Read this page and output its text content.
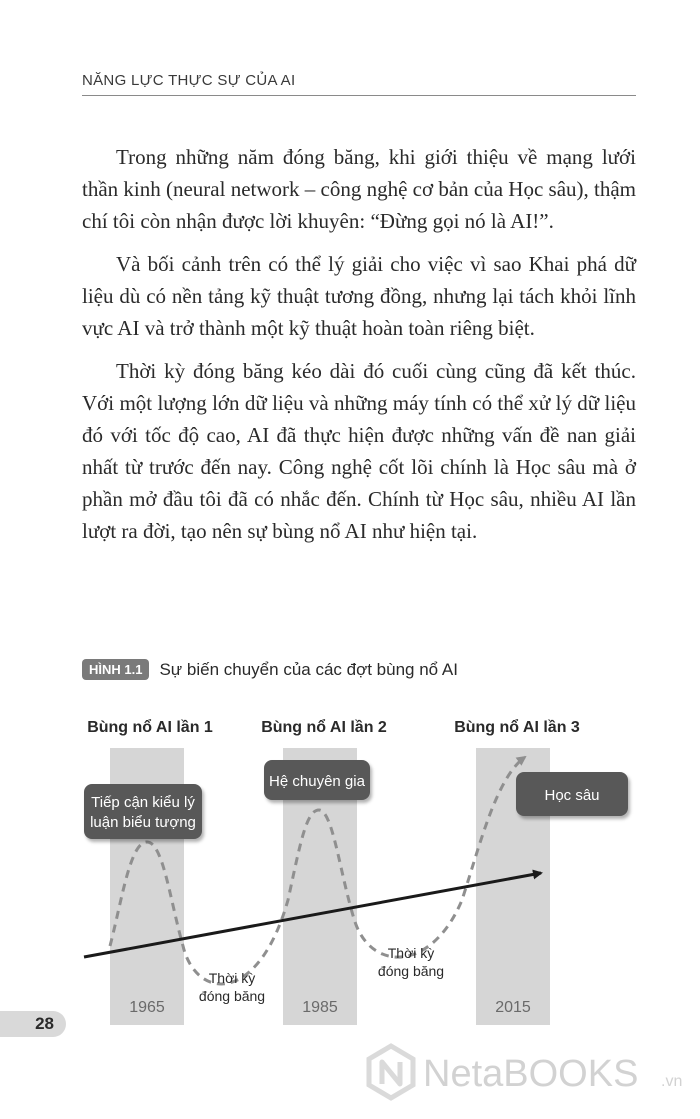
NĂNG LỰC THỰC SỰ CỦA AI

Trong những năm đóng băng, khi giới thiệu về mạng lưới thần kinh (neural network – công nghệ cơ bản của Học sâu), thậm chí tôi còn nhận được lời khuyên: “Đừng gọi nó là AI!”.

Và bối cảnh trên có thể lý giải cho việc vì sao Khai phá dữ liệu dù có nền tảng kỹ thuật tương đồng, nhưng lại tách khỏi lĩnh vực AI và trở thành một kỹ thuật hoàn toàn riêng biệt.

Thời kỳ đóng băng kéo dài đó cuối cùng cũng đã kết thúc. Với một lượng lớn dữ liệu và những máy tính có thể xử lý dữ liệu đó với tốc độ cao, AI đã thực hiện được những vấn đề nan giải nhất từ trước đến nay. Công nghệ cốt lõi chính là Học sâu mà ở phần mở đầu tôi đã có nhắc đến. Chính từ Học sâu, nhiều AI lần lượt ra đời, tạo nên sự bùng nổ AI như hiện tại.

HÌNH 1.1	Sự biến chuyển của các đợt bùng nổ AI
Bùng nổ AI lần 1	Bùng nổ AI lần 2	Bùng nổ AI lần 3
Tiếp cận kiểu lý
luận biểu tượng
Hệ chuyên gia
Học sâu
Thời kỳ
đóng băng
Thời kỳ
đóng băng
1965	1985	2015
28
NetaBOOKS .vn
